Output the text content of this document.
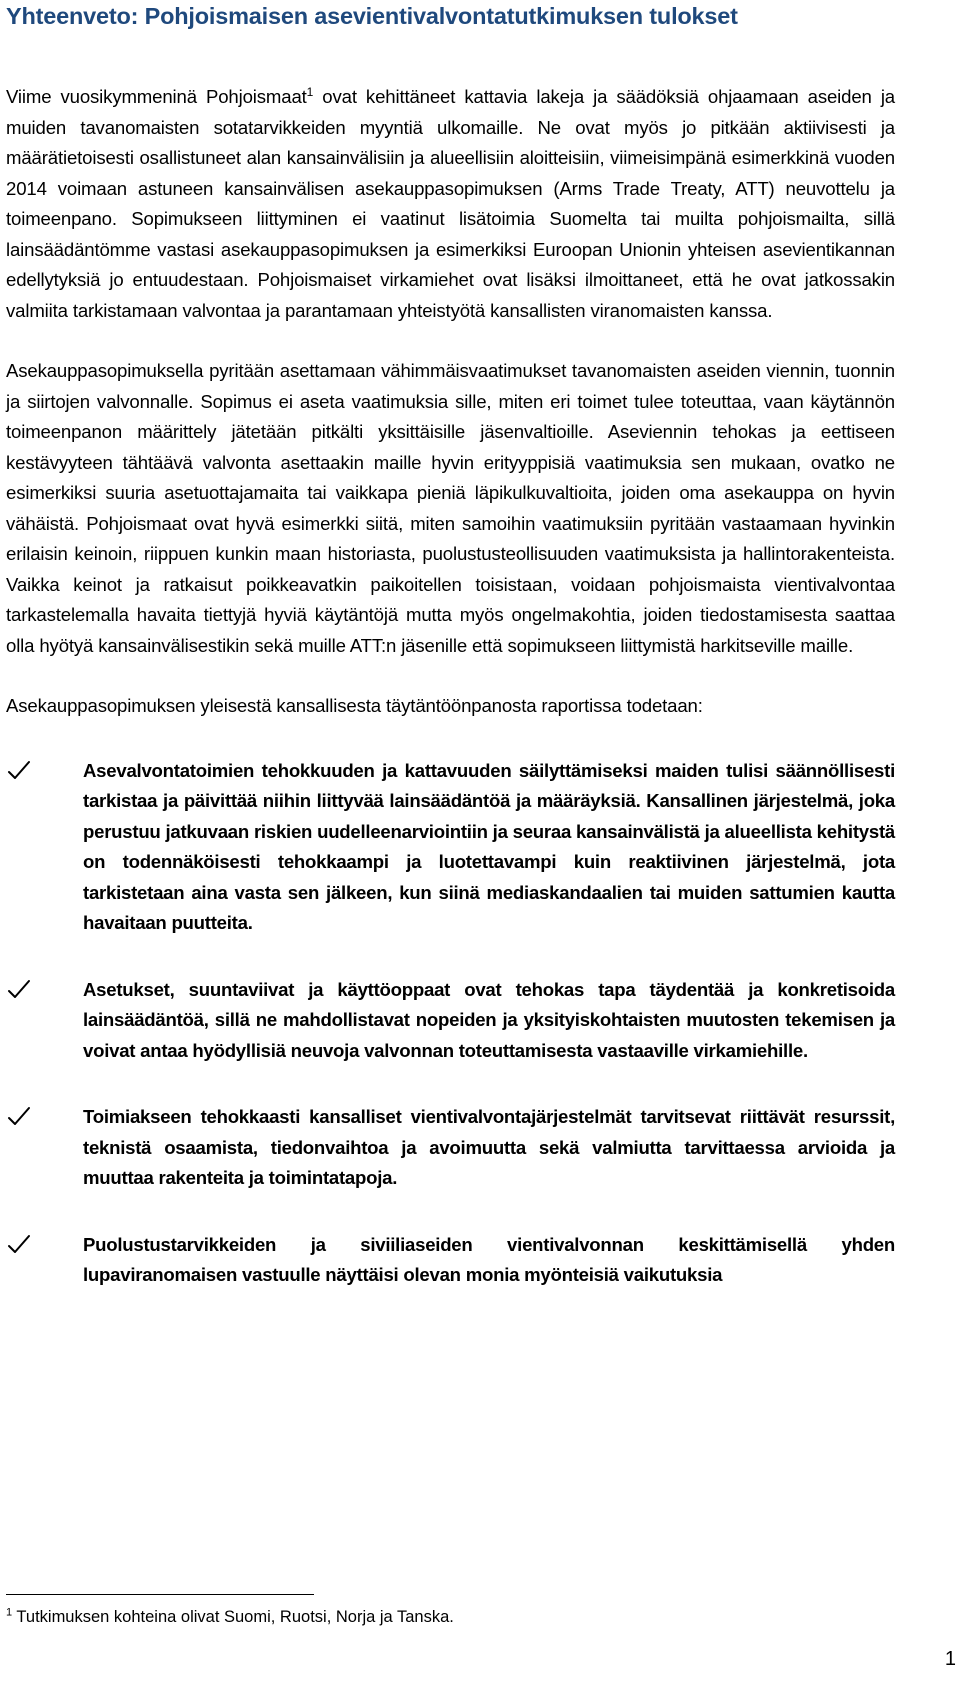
Yhteenveto: Pohjoismaisen asevientivalvontatutkimuksen tulokset

Viime vuosikymmeninä Pohjoismaat$^1$ ovat kehittäneet kattavia lakeja ja säädöksiä ohjaamaan aseiden ja muiden tavanomaisten sotatarvikkeiden myyntiä ulkomaille. Ne ovat myös jo pitkään aktiivisesti ja määrätietoisesti osallistuneet alan kansainvälisiin ja alueellisiin aloitteisiin, viimeisimpänä esimerkkinä vuoden 2014 voimaan astuneen kansainvälisen asekauppasopimuksen (Arms Trade Treaty, ATT) neuvottelu ja toimeenpano. Sopimukseen liittyminen ei vaatinut lisätoimia Suomelta tai muilta pohjoismailta, sillä lainsäädäntömme vastasi asekauppasopimuksen ja esimerkiksi Euroopan Unionin yhteisen asevientikannan edellytyksiä jo entuudestaan. Pohjoismaiset virkamiehet ovat lisäksi ilmoittaneet, että he ovat jatkossakin valmiita tarkistamaan valvontaa ja parantamaan yhteistyötä kansallisten viranomaisten kanssa.

Asekauppasopimuksella pyritään asettamaan vähimmäisvaatimukset tavanomaisten aseiden viennin, tuonnin ja siirtojen valvonnalle. Sopimus ei aseta vaatimuksia sille, miten eri toimet tulee toteuttaa, vaan käytännön toimeenpanon määrittely jätetään pitkälti yksittäisille jäsenvaltioille. Aseviennin tehokas ja eettiseen kestävyyteen tähtäävä valvonta asettaakin maille hyvin erityyppisiä vaatimuksia sen mukaan, ovatko ne esimerkiksi suuria asetuottajamaita tai vaikkapa pieniä läpikulkuvaltioita, joiden oma asekauppa on hyvin vähäistä. Pohjoismaat ovat hyvä esimerkki siitä, miten samoihin vaatimuksiin pyritään vastaamaan hyvinkin erilaisin keinoin, riippuen kunkin maan historiasta, puolustusteollisuuden vaatimuksista ja hallintorakenteista. Vaikka keinot ja ratkaisut poikkeavatkin paikoitellen toisistaan, voidaan pohjoismaista vientivalvontaa tarkastelemalla havaita tiettyjä hyviä käytäntöjä mutta myös ongelmakohtia, joiden tiedostamisesta saattaa olla hyötyä kansainvälisestikin sekä muille ATT:n jäsenille että sopimukseen liittymistä harkitseville maille.

Asekauppasopimuksen yleisestä kansallisesta täytäntöönpanosta raportissa todetaan:

Asevalvontatoimien tehokkuuden ja kattavuuden säilyttämiseksi maiden tulisi säännöllisesti tarkistaa ja päivittää niihin liittyvää lainsäädäntöä ja määräyksiä. Kansallinen järjestelmä, joka perustuu jatkuvaan riskien uudelleenarviointiin ja seuraa kansainvälistä ja alueellista kehitystä on todennäköisesti tehokkaampi ja luotettavampi kuin reaktiivinen järjestelmä, jota tarkistetaan aina vasta sen jälkeen, kun siinä mediaskandaalien tai muiden sattumien kautta havaitaan puutteita.

Asetukset, suuntaviivat ja käyttöoppaat ovat tehokas tapa täydentää ja konkretisoida lainsäädäntöä, sillä ne mahdollistavat nopeiden ja yksityiskohtaisten muutosten tekemisen ja voivat antaa hyödyllisiä neuvoja valvonnan toteuttamisesta vastaaville virkamiehille.

Toimiakseen tehokkaasti kansalliset vientivalvontajärjestelmät tarvitsevat riittävät resurssit, teknistä osaamista, tiedonvaihtoa ja avoimuutta sekä valmiutta tarvittaessa arvioida ja muuttaa rakenteita ja toimintatapoja.

Puolustustarvikkeiden ja siviiliaseiden vientivalvonnan keskittämisellä yhden lupaviranomaisen vastuulle näyttäisi olevan monia myönteisiä vaikutuksia

$^1$ Tutkimuksen kohteina olivat Suomi, Ruotsi, Norja ja Tanska.
1
